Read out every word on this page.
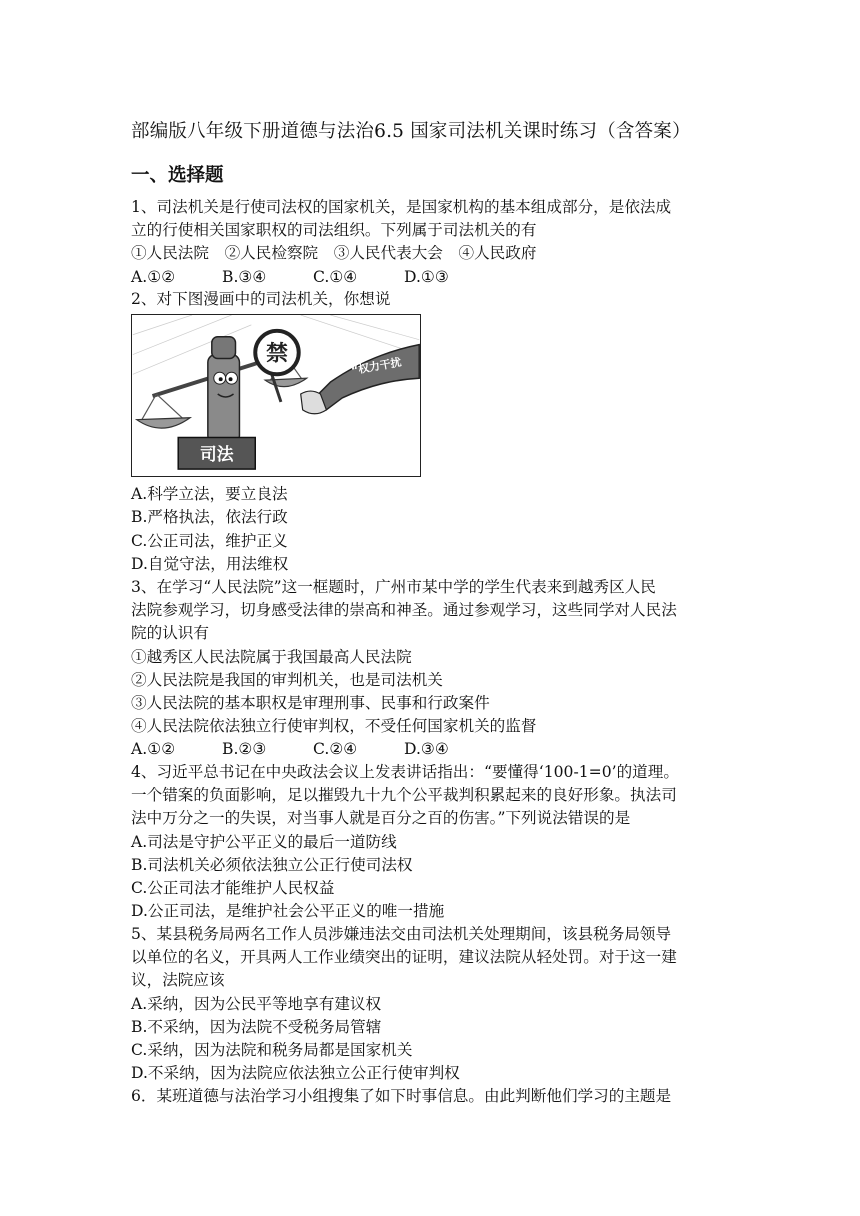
部编版八年级下册道德与法治6.5 国家司法机关课时练习（含答案）
一、选择题
1、司法机关是行使司法权的国家机关，是国家机构的基本组成部分，是依法成
立的行使相关国家职权的司法组织。下列属于司法机关的有
①人民法院　②人民检察院　③人民代表大会　④人民政府
A.①②	B.③④	C.①④	D.①③
2、对下图漫画中的司法机关，你想说
司法
禁	“权力干扰
A.科学立法，要立良法
B.严格执法，依法行政
C.公正司法，维护正义
D.自觉守法，用法维权
3、在学习“人民法院”这一框题时，广州市某中学的学生代表来到越秀区人民
法院参观学习，切身感受法律的崇高和神圣。通过参观学习，这些同学对人民法
院的认识有
①越秀区人民法院属于我国最高人民法院
②人民法院是我国的审判机关，也是司法机关
③人民法院的基本职权是审理刑事、民事和行政案件
④人民法院依法独立行使审判权，不受任何国家机关的监督
A.①②	B.②③	C.②④	D.③④
4、习近平总书记在中央政法会议上发表讲话指出：“要懂得‘100-1=0’的道理。
一个错案的负面影响，足以摧毁九十九个公平裁判积累起来的良好形象。执法司
法中万分之一的失误，对当事人就是百分之百的伤害。”下列说法错误的是
A.司法是守护公平正义的最后一道防线
B.司法机关必须依法独立公正行使司法权
C.公正司法才能维护人民权益
D.公正司法，是维护社会公平正义的唯一措施
5、某县税务局两名工作人员涉嫌违法交由司法机关处理期间，该县税务局领导
以单位的名义，开具两人工作业绩突出的证明，建议法院从轻处罚。对于这一建
议，法院应该
A.采纳，因为公民平等地享有建议权
B.不采纳，因为法院不受税务局管辖
C.采纳，因为法院和税务局都是国家机关
D.不采纳，因为法院应依法独立公正行使审判权
6．某班道德与法治学习小组搜集了如下时事信息。由此判断他们学习的主题是
